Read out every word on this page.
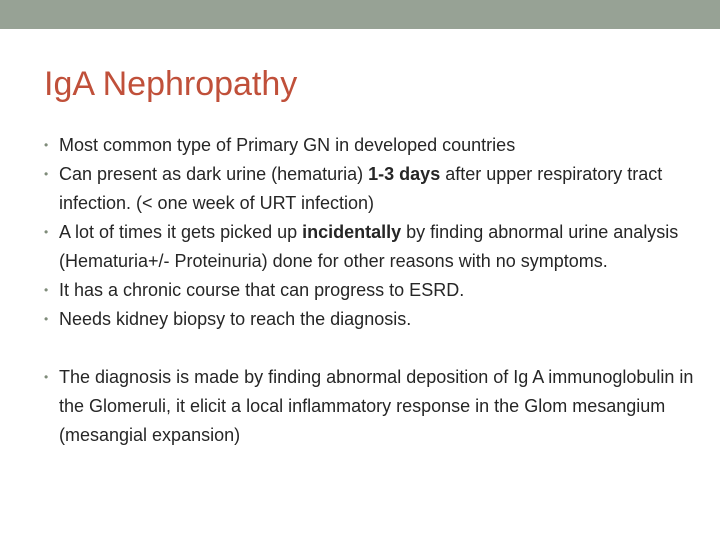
IgA Nephropathy
• Most common type of Primary GN in developed countries
• Can present as dark urine (hematuria) 1-3 days after upper respiratory tract infection. (< one week of URT infection)
• A lot of times it gets picked up incidentally by finding abnormal urine analysis (Hematuria+/- Proteinuria) done for other reasons with no symptoms.
• It has a chronic course that can progress to ESRD.
• Needs kidney biopsy to reach the diagnosis.
• The diagnosis is made by finding abnormal deposition of Ig A immunoglobulin in the Glomeruli, it elicit a local inflammatory response in the Glom mesangium (mesangial expansion)
